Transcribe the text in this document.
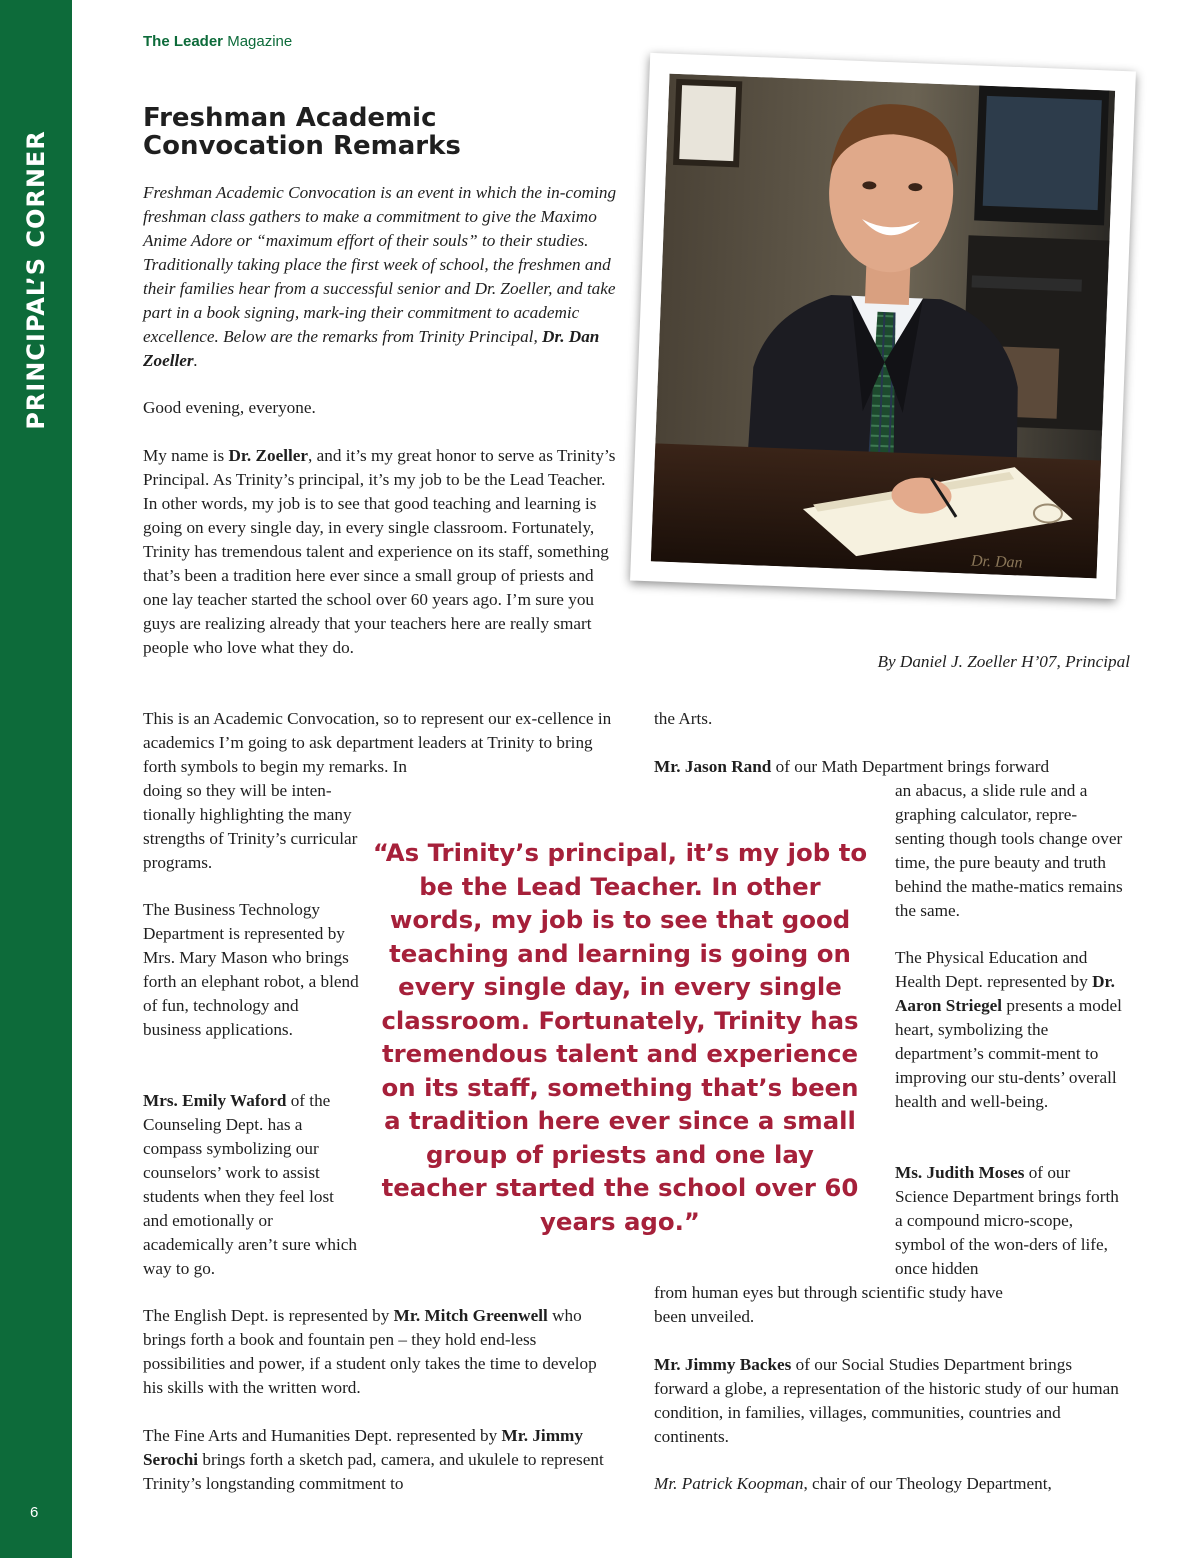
PRINCIPAL’S CORNER
6
The Leader Magazine
Freshman Academic Convocation Remarks

Freshman Academic Convocation is an event in which the in-coming freshman class gathers to make a commitment to give the Maximo Anime Adore or “maximum effort of their souls” to their studies. Traditionally taking place the first week of school, the freshmen and their families hear from a successful senior and Dr. Zoeller, and take part in a book signing, mark-ing their commitment to academic excellence. Below are the remarks from Trinity Principal, Dr. Dan Zoeller.

Good evening, everyone.

My name is Dr. Zoeller, and it’s my great honor to serve as Trinity’s Principal. As Trinity’s principal, it’s my job to be the Lead Teacher. In other words, my job is to see that good teaching and learning is going on every single day, in every single classroom. Fortunately, Trinity has tremendous talent and experience on its staff, something that’s been a tradition here ever since a small group of priests and one lay teacher started the school over 60 years ago. I’m sure you guys are realizing already that your teachers here are really smart people who love what they do.

This is an Academic Convocation, so to represent our ex-cellence in academics I’m going to ask department leaders at Trinity to bring forth symbols to begin my remarks. In

doing so they will be inten-tionally highlighting the many strengths of Trinity’s curricular programs.

The Business Technology Department is represented by Mrs. Mary Mason who brings forth an elephant robot, a blend of fun, technology and business applications.

Mrs. Emily Waford of the Counseling Dept. has a compass symbolizing our counselors’ work to assist students when they feel lost and emotionally or academically aren’t sure which way to go.

The English Dept. is represented by Mr. Mitch Greenwell who brings forth a book and fountain pen – they hold end-less possibilities and power, if a student only takes the time to develop his skills with the written word.

The Fine Arts and Humanities Dept. represented by Mr. Jimmy Serochi brings forth a sketch pad, camera, and ukulele to represent Trinity’s longstanding commitment to

Dr. Dan
By Daniel J. Zoeller H’07, Principal

the Arts.

Mr. Jason Rand of our Math Department brings forward

an abacus, a slide rule and a graphing calculator, repre-senting though tools change over time, the pure beauty and truth behind the mathe-matics remains the same.

The Physical Education and Health Dept. represented by Dr. Aaron Striegel presents a model heart, symbolizing the department’s commit-ment to improving our stu-dents’ overall health and well-being.

Ms. Judith Moses of our Science Department brings forth a compound micro-scope, symbol of the won-ders of life, once hidden

from human eyes but through scientific study have been unveiled.

Mr. Jimmy Backes of our Social Studies Department brings forward a globe, a representation of the historic study of our human condition, in families, villages, communities, countries and continents.

Mr. Patrick Koopman, chair of our Theology Department,

“As Trinity’s principal, it’s my job to be the Lead Teacher. In other words, my job is to see that good teaching and learning is going on every single day, in every single classroom. Fortunately, Trinity has tremendous talent and experience on its staff, something that’s been a tradition here ever since a small group of priests and one lay teacher started the school over 60 years ago.”
